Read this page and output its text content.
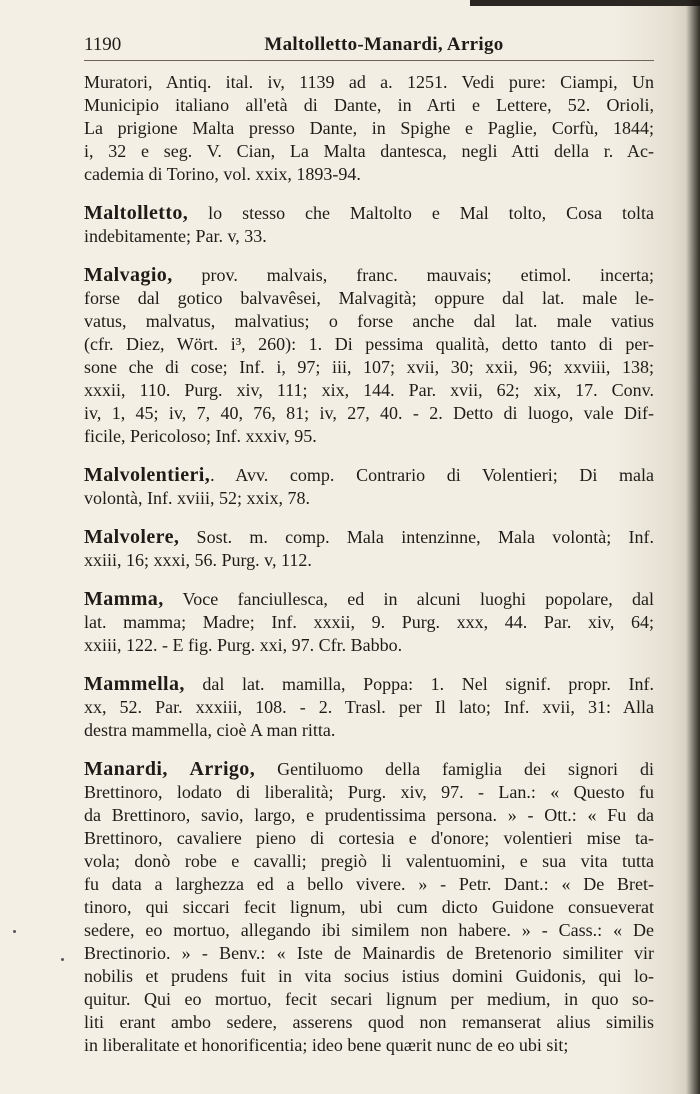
1190	Maltolletto-Manardi, Arrigo
Muratori, Antiq. ital. iv, 1139 ad a. 1251. Vedi pure: Ciampi, Un
Municipio italiano all'età di Dante, in Arti e Lettere, 52. Orioli,
La prigione Malta presso Dante, in Spighe e Paglie, Corfù, 1844;
i, 32 e seg. V. Cian, La Malta dantesca, negli Atti della r. Ac-
cademia di Torino, vol. xxix, 1893-94.
Maltolletto, lo stesso che Maltolto e Mal tolto, Cosa tolta
indebitamente; Par. v, 33.
Malvagio, prov. malvais, franc. mauvais; etimol. incerta;
forse dal gotico balvavêsei, Malvagità; oppure dal lat. male le-
vatus, malvatus, malvatius; o forse anche dal lat. male vatius
(cfr. Diez, Wört. i³, 260): 1. Di pessima qualità, detto tanto di per-
sone che di cose; Inf. i, 97; iii, 107; xvii, 30; xxii, 96; xxviii, 138;
xxxii, 110. Purg. xiv, 111; xix, 144. Par. xvii, 62; xix, 17. Conv.
iv, 1, 45; iv, 7, 40, 76, 81; iv, 27, 40. - 2. Detto di luogo, vale Dif-
ficile, Pericoloso; Inf. xxxiv, 95.
Malvolentieri,. Avv. comp. Contrario di Volentieri; Di mala
volontà, Inf. xviii, 52; xxix, 78.
Malvolere, Sost. m. comp. Mala intenzinne, Mala volontà; Inf.
xxiii, 16; xxxi, 56. Purg. v, 112.
Mamma, Voce fanciullesca, ed in alcuni luoghi popolare, dal
lat. mamma; Madre; Inf. xxxii, 9. Purg. xxx, 44. Par. xiv, 64;
xxiii, 122. - E fig. Purg. xxi, 97. Cfr. Babbo.
Mammella, dal lat. mamilla, Poppa: 1. Nel signif. propr. Inf.
xx, 52. Par. xxxiii, 108. - 2. Trasl. per Il lato; Inf. xvii, 31: Alla
destra mammella, cioè A man ritta.
Manardi, Arrigo, Gentiluomo della famiglia dei signori di
Brettinoro, lodato di liberalità; Purg. xiv, 97. - Lan.: « Questo fu
da Brettinoro, savio, largo, e prudentissima persona. » - Ott.: « Fu da
Brettinoro, cavaliere pieno di cortesia e d'onore; volentieri mise ta-
vola; donò robe e cavalli; pregiò li valentuomini, e sua vita tutta
fu data a larghezza ed a bello vivere. » - Petr. Dant.: « De Bret-
tinoro, qui siccari fecit lignum, ubi cum dicto Guidone consueverat
sedere, eo mortuo, allegando ibi similem non habere. » - Cass.: « De
Brectinorio. » - Benv.: « Iste de Mainardis de Bretenorio similiter vir
nobilis et prudens fuit in vita socius istius domini Guidonis, qui lo-
quitur. Qui eo mortuo, fecit secari lignum per medium, in quo so-
liti erant ambo sedere, asserens quod non remanserat alius similis
in liberalitate et honorificentia; ideo bene quærit nunc de eo ubi sit;
